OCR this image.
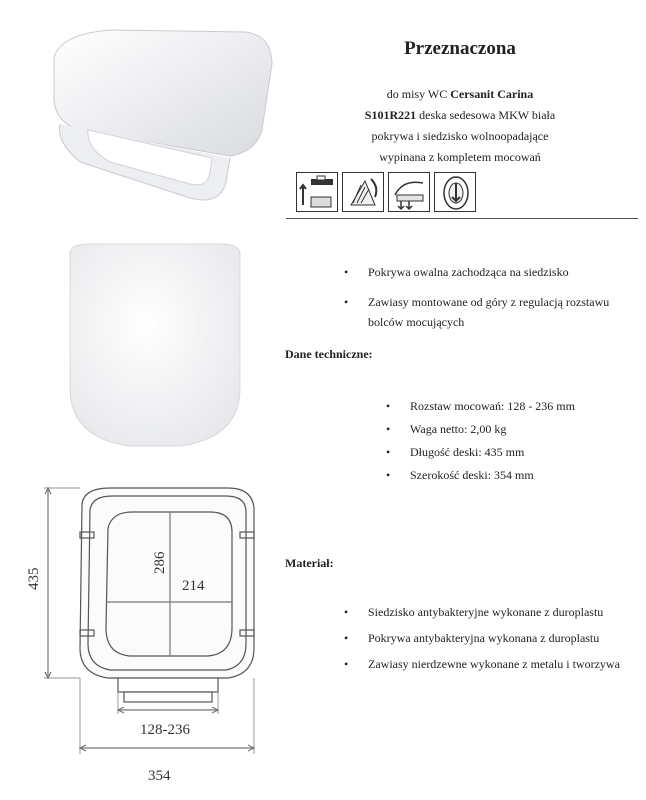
Przeznaczona
do misy WC Cersanit Carina
S101R221 deska sedesowa MKW biała
pokrywa i siedzisko wolnoopadające
wypinana z kompletem mocowań
• Pokrywa owalna zachodząca na siedzisko
• Zawiasy montowane od góry z regulacją rozstawu bolców mocujących
Dane techniczne:
• Rozstaw mocowań: 128 - 236 mm
• Waga netto: 2,00 kg
• Długość deski: 435 mm
• Szerokość deski: 354 mm
435
286
214
128-236
354
Materiał:
• Siedzisko antybakteryjne wykonane z duroplastu
• Pokrywa antybakteryjna wykonana z duroplastu
• Zawiasy nierdzewne wykonane z metalu i tworzywa
